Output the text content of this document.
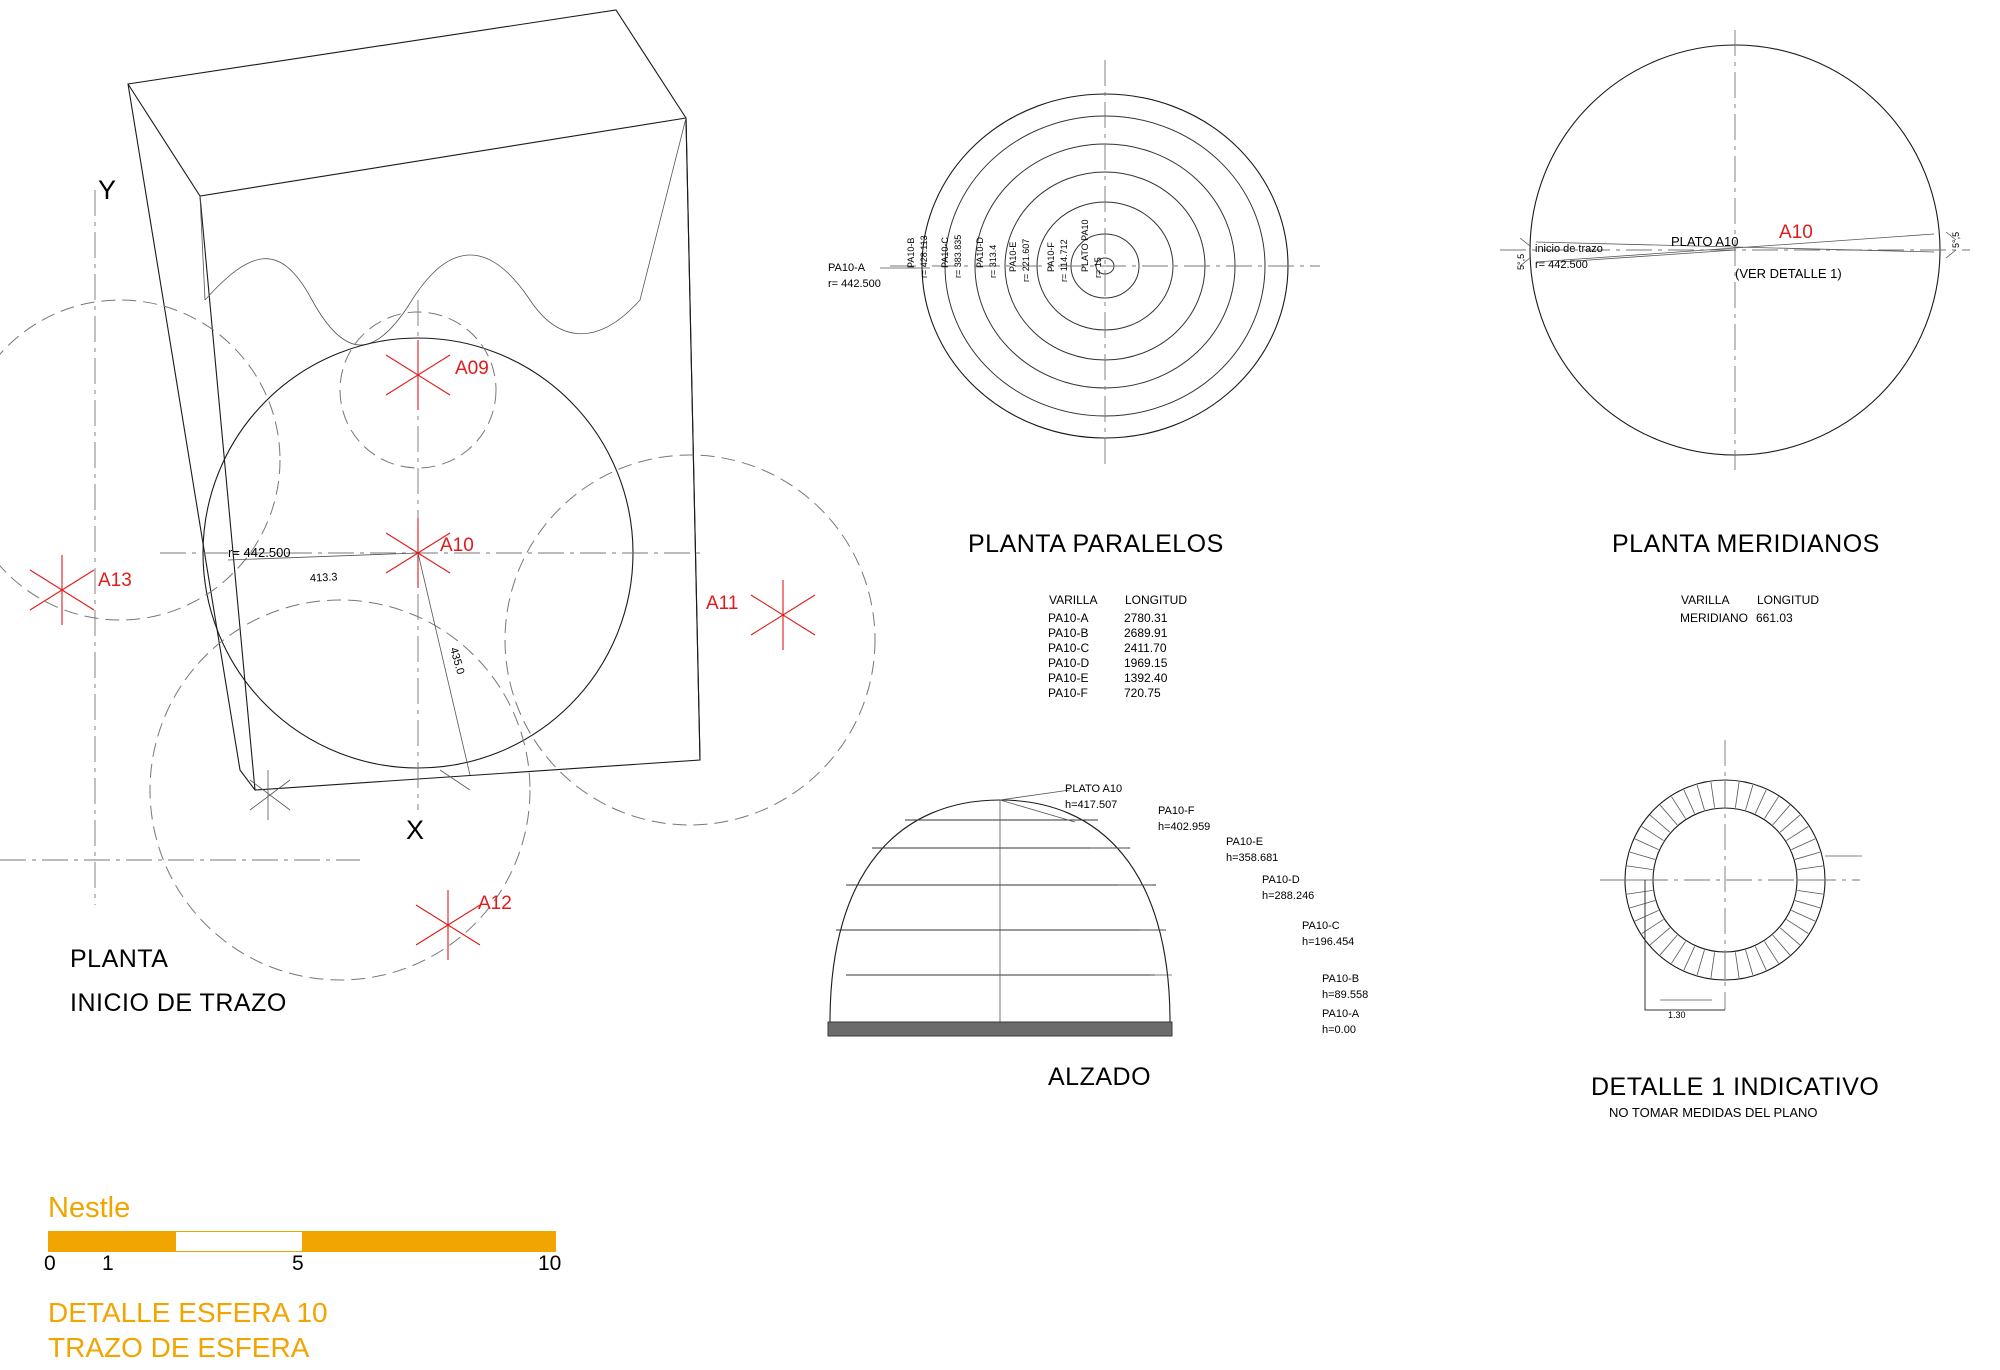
Y
X
A09
A10
A11
A12
A13
r= 442.500
413.3
435.0
PLANTA
INICIO DE TRAZO
PA10-A
r= 442.500
PA10-B r= 428.113 PA10-C r= 383.835 PA10-D r= 313.4 PA10-E r= 221.607 PA10-F r= 114.712 PLATO PA10 r= 15
PLANTA PARALELOS
VARILLA	LONGITUD
PA10-A	2780.31
PA10-B	2689.91
PA10-C	2411.70
PA10-D	1969.15
PA10-E	1392.40
PA10-F	720.75
inicio de trazo
r= 442.500
PLATO A10 A10
(VER DETALLE 1)
5°,5
5°,5
PLANTA MERIDIANOS
VARILLA	LONGITUD
MERIDIANO	661.03
PLATO A10
h=417.507	PA10-F
h=402.959
PA10-E
h=358.681
PA10-D
h=288.246
PA10-C
h=196.454
PA10-B
h=89.558
PA10-A
h=0.00
ALZADO
1.30
DETALLE 1 INDICATIVO
NO TOMAR MEDIDAS DEL PLANO
Nestle
0 1	5	10
DETALLE ESFERA 10
TRAZO DE ESFERA
